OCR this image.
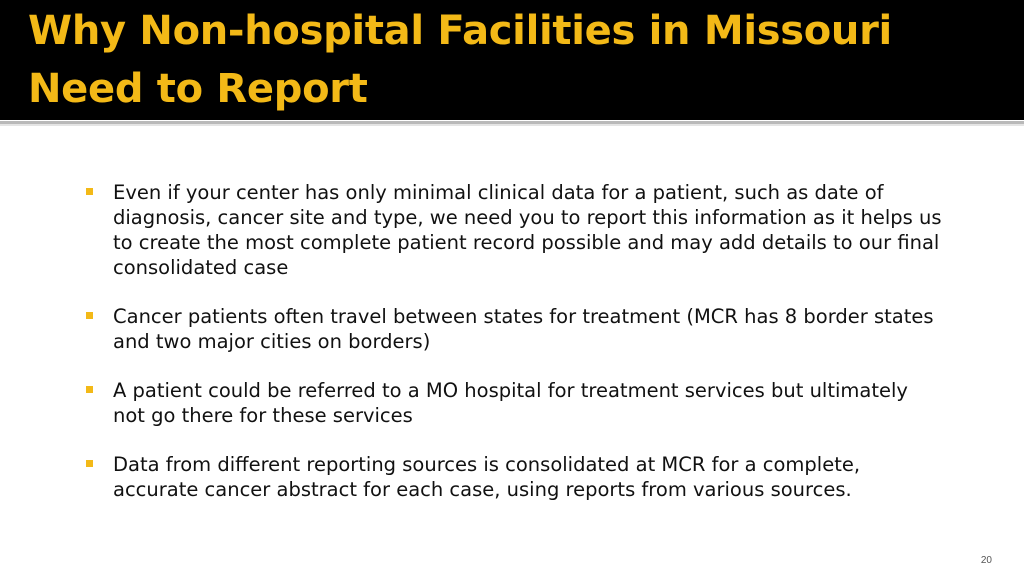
Why Non-hospital Facilities in Missouri Need to Report
Even if your center has only minimal clinical data for a patient, such as date of diagnosis, cancer site and type, we need you to report this information as it helps us to create the most complete patient record possible and may add details to our final consolidated case
Cancer patients often travel between states for treatment (MCR has 8 border states and two major cities on borders)
A patient could be referred to a MO hospital for treatment services but ultimately not go there for these services
Data from different reporting sources is consolidated at MCR for a complete, accurate cancer abstract for each case, using reports from various sources.
20
